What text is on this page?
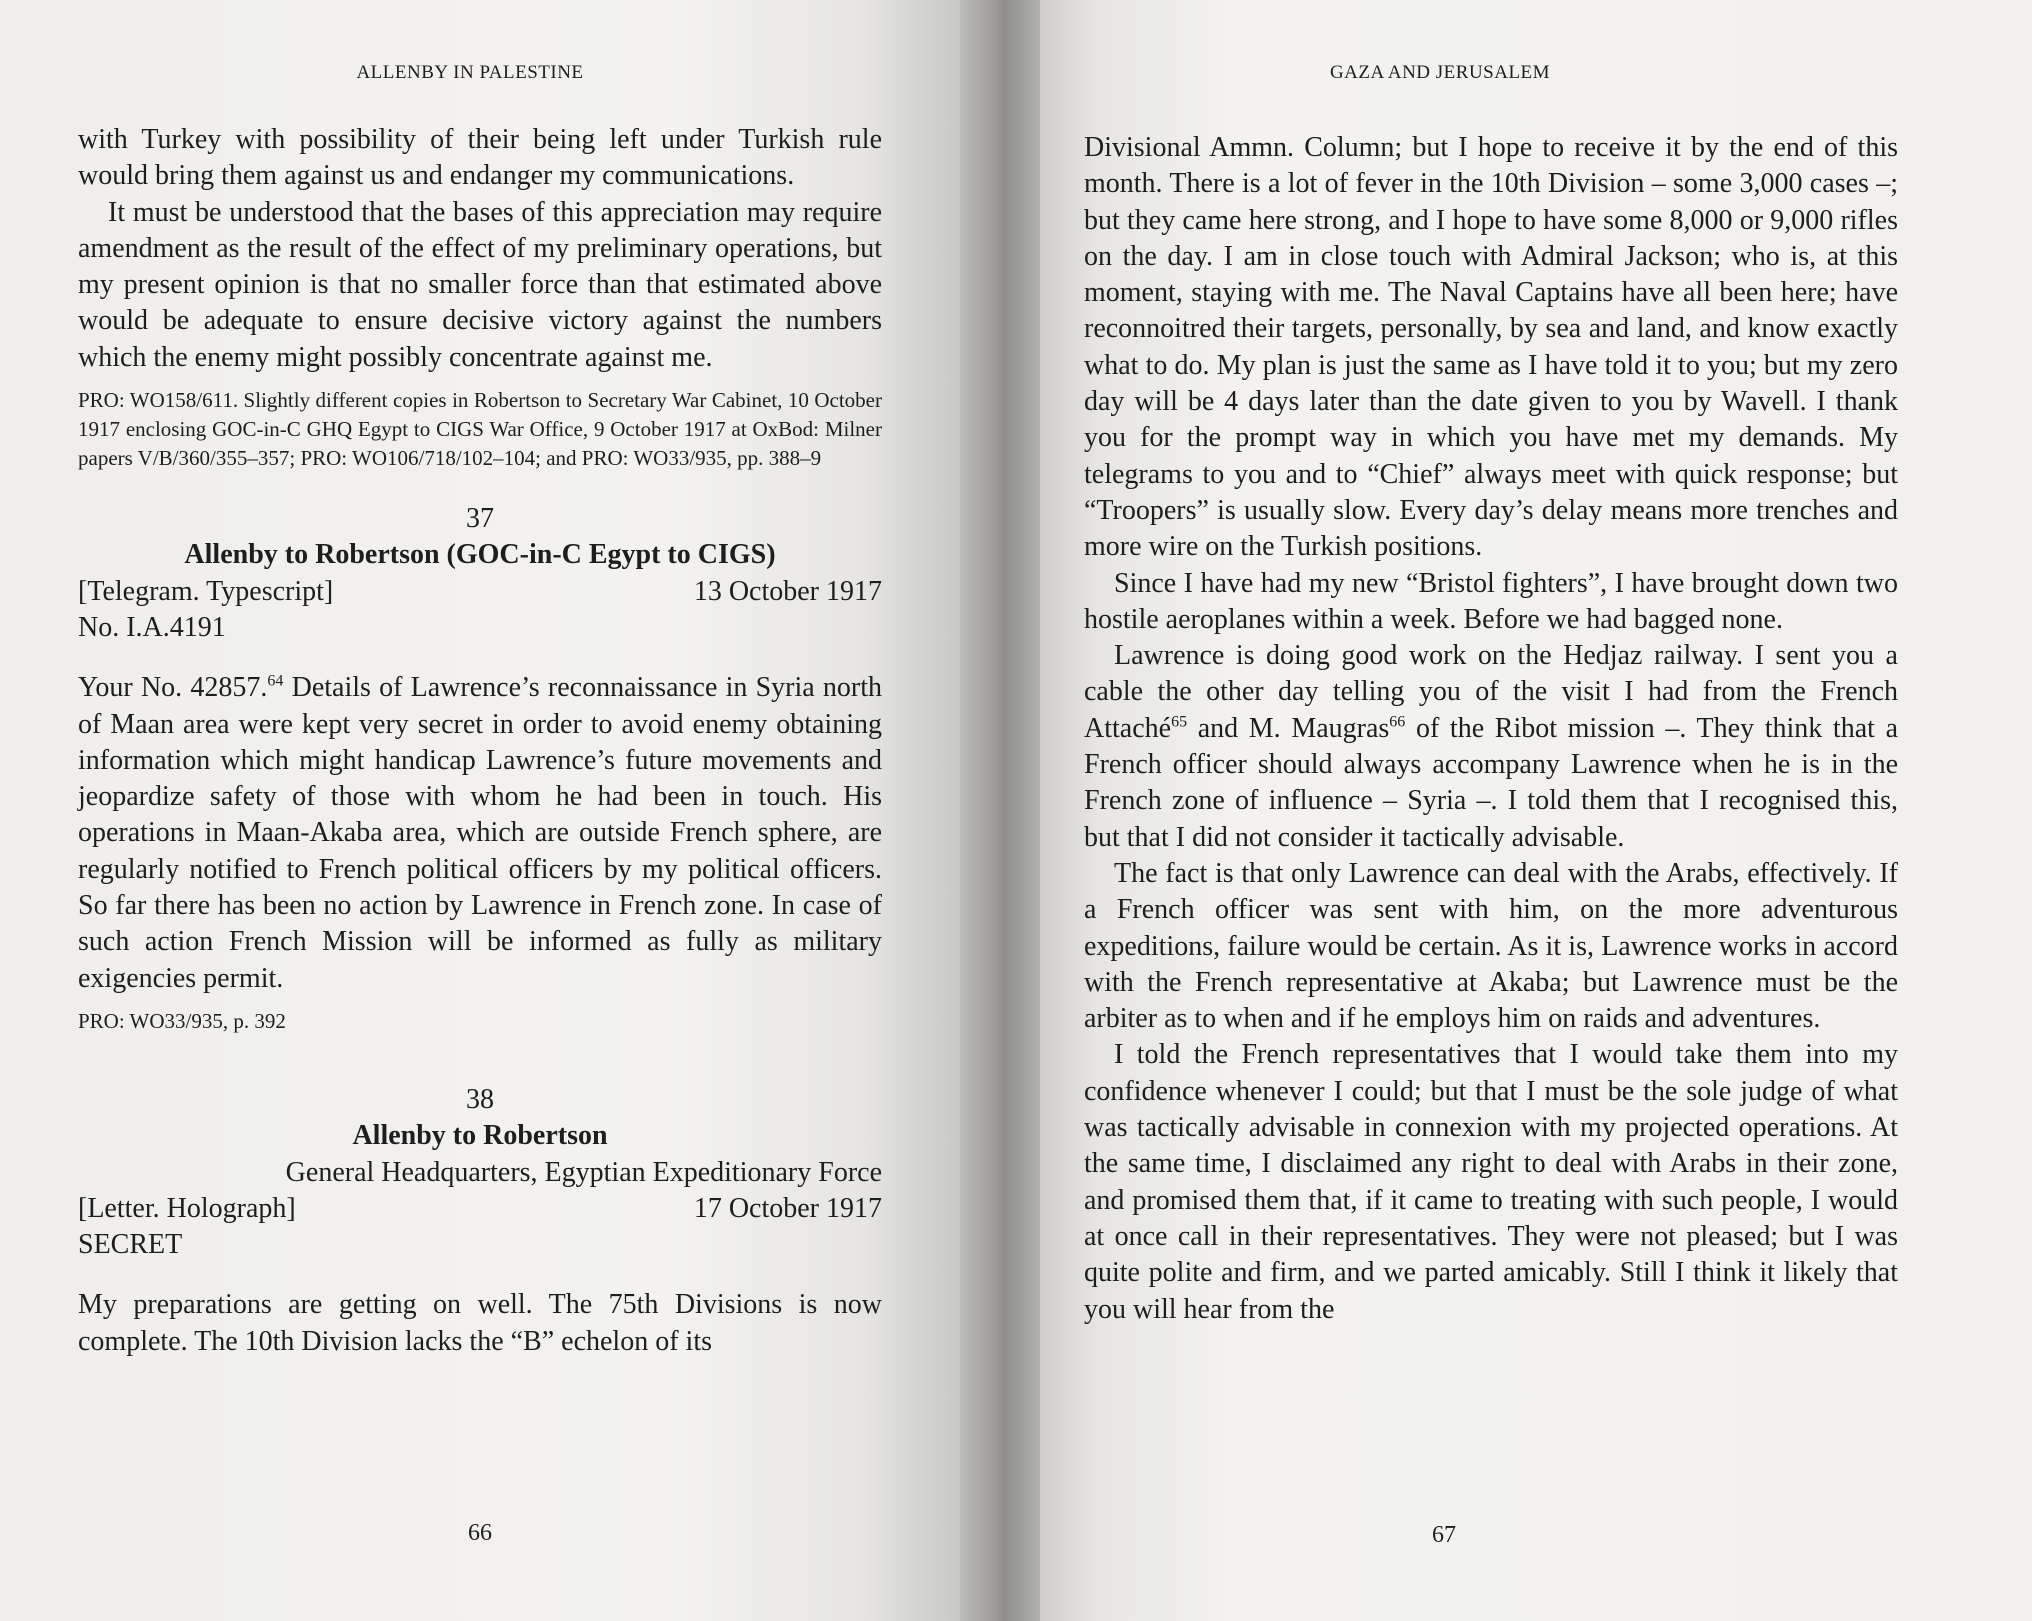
ALLENBY IN PALESTINE

with Turkey with possibility of their being left under Turkish rule would bring them against us and endanger my communications.

It must be understood that the bases of this appreciation may require amendment as the result of the effect of my preliminary operations, but my present opinion is that no smaller force than that estimated above would be adequate to ensure decisive victory against the numbers which the enemy might possibly concentrate against me.

PRO: WO158/611. Slightly different copies in Robertson to Secretary War Cabinet, 10 October 1917 enclosing GOC-in-C GHQ Egypt to CIGS War Office, 9 October 1917 at OxBod: Milner papers V/B/360/355–357; PRO: WO106/718/102–104; and PRO: WO33/935, pp. 388–9

37
Allenby to Robertson (GOC-in-C Egypt to CIGS)
[Telegram. Typescript]	13 October 1917
No. I.A.4191

Your No. 42857.64 Details of Lawrence’s reconnaissance in Syria north of Maan area were kept very secret in order to avoid enemy obtaining information which might handicap Lawrence’s future movements and jeopardize safety of those with whom he had been in touch. His operations in Maan-Akaba area, which are outside French sphere, are regularly notified to French political officers by my political officers. So far there has been no action by Lawrence in French zone. In case of such action French Mission will be informed as fully as military exigencies permit.

PRO: WO33/935, p. 392

38
Allenby to Robertson
General Headquarters, Egyptian Expeditionary Force
[Letter. Holograph]	17 October 1917
SECRET

My preparations are getting on well. The 75th Divisions is now complete. The 10th Division lacks the “B” echelon of its

66
GAZA AND JERUSALEM

Divisional Ammn. Column; but I hope to receive it by the end of this month. There is a lot of fever in the 10th Division – some 3,000 cases –; but they came here strong, and I hope to have some 8,000 or 9,000 rifles on the day. I am in close touch with Admiral Jackson; who is, at this moment, staying with me. The Naval Captains have all been here; have reconnoitred their targets, personally, by sea and land, and know exactly what to do. My plan is just the same as I have told it to you; but my zero day will be 4 days later than the date given to you by Wavell. I thank you for the prompt way in which you have met my demands. My telegrams to you and to “Chief” always meet with quick response; but “Troopers” is usually slow. Every day’s delay means more trenches and more wire on the Turkish positions.

Since I have had my new “Bristol fighters”, I have brought down two hostile aeroplanes within a week. Before we had bagged none.

Lawrence is doing good work on the Hedjaz railway. I sent you a cable the other day telling you of the visit I had from the French Attaché$^{65}$ and M. Maugras$^{66}$ of the Ribot mission –. They think that a French officer should always accompany Lawrence when he is in the French zone of influence – Syria –. I told them that I recognised this, but that I did not consider it tactically advisable.

The fact is that only Lawrence can deal with the Arabs, effectively. If a French officer was sent with him, on the more adventurous expeditions, failure would be certain. As it is, Lawrence works in accord with the French representative at Akaba; but Lawrence must be the arbiter as to when and if he employs him on raids and adventures.

I told the French representatives that I would take them into my confidence whenever I could; but that I must be the sole judge of what was tactically advisable in connexion with my projected operations. At the same time, I disclaimed any right to deal with Arabs in their zone, and promised them that, if it came to treating with such people, I would at once call in their representatives. They were not pleased; but I was quite polite and firm, and we parted amicably. Still I think it likely that you will hear from the

67
